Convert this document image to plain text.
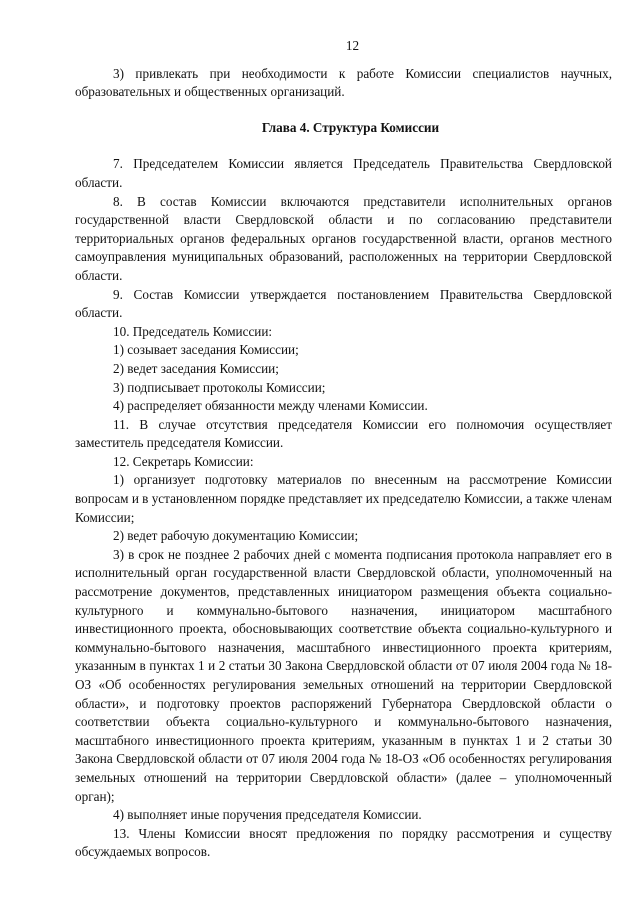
12

3) привлекать при необходимости к работе Комиссии специалистов научных, образовательных и общественных организаций.

Глава 4. Структура Комиссии

7. Председателем Комиссии является Председатель Правительства Свердловской области.

8. В состав Комиссии включаются представители исполнительных органов государственной власти Свердловской области и по согласованию представители территориальных органов федеральных органов государственной власти, органов местного самоуправления муниципальных образований, расположенных на территории Свердловской области.

9. Состав Комиссии утверждается постановлением Правительства Свердловской области.

10. Председатель Комиссии:

1) созывает заседания Комиссии;

2) ведет заседания Комиссии;

3) подписывает протоколы Комиссии;

4) распределяет обязанности между членами Комиссии.

11. В случае отсутствия председателя Комиссии его полномочия осуществляет заместитель председателя Комиссии.

12. Секретарь Комиссии:

1) организует подготовку материалов по внесенным на рассмотрение Комиссии вопросам и в установленном порядке представляет их председателю Комиссии, а также членам Комиссии;

2) ведет рабочую документацию Комиссии;

3) в срок не позднее 2 рабочих дней с момента подписания протокола направляет его в исполнительный орган государственной власти Свердловской области, уполномоченный на рассмотрение документов, представленных инициатором размещения объекта социально-культурного и коммунально-бытового назначения, инициатором масштабного инвестиционного проекта, обосновывающих соответствие объекта социально-культурного и коммунально-бытового назначения, масштабного инвестиционного проекта критериям, указанным в пунктах 1 и 2 статьи 30 Закона Свердловской области от 07 июля 2004 года № 18-ОЗ «Об особенностях регулирования земельных отношений на территории Свердловской области», и подготовку проектов распоряжений Губернатора Свердловской области о соответствии объекта социально-культурного и коммунально-бытового назначения, масштабного инвестиционного проекта критериям, указанным в пунктах 1 и 2 статьи 30 Закона Свердловской области от 07 июля 2004 года № 18-ОЗ «Об особенностях регулирования земельных отношений на территории Свердловской области» (далее – уполномоченный орган);

4) выполняет иные поручения председателя Комиссии.

13. Члены Комиссии вносят предложения по порядку рассмотрения и существу обсуждаемых вопросов.
